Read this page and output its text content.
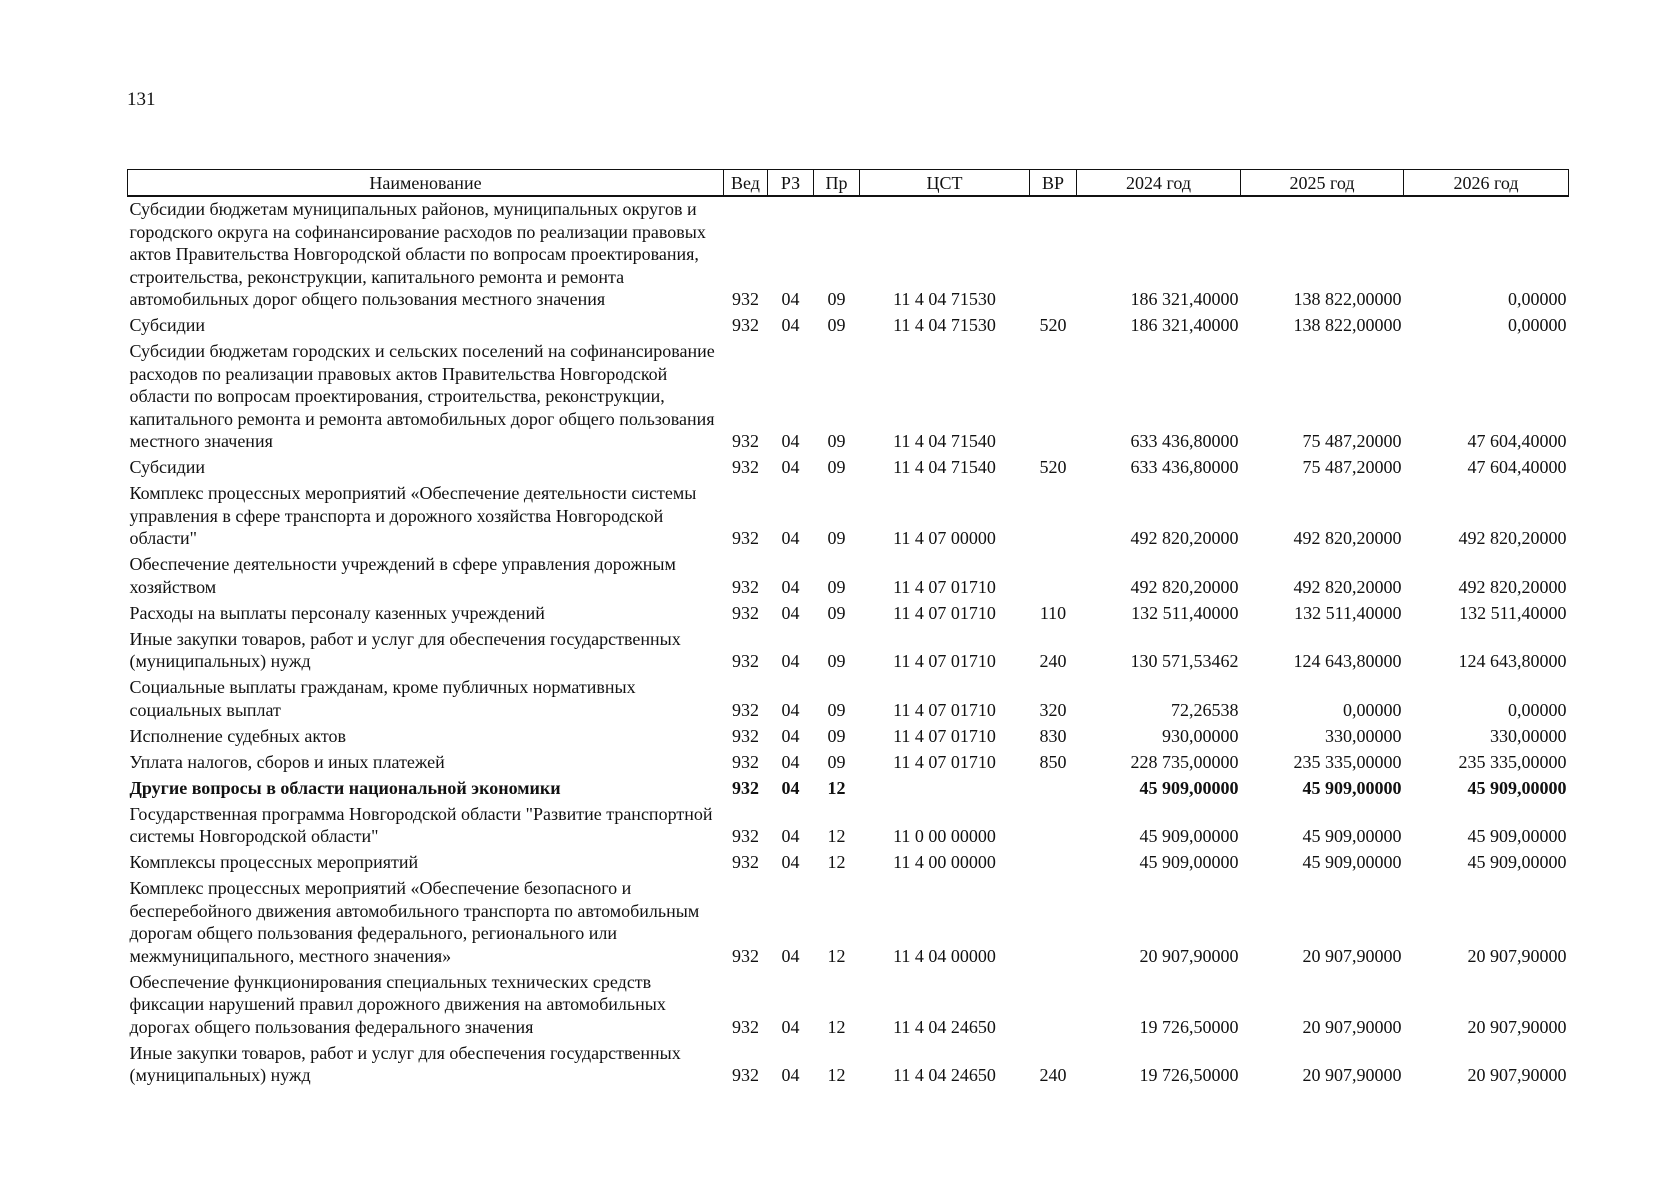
131
Наименование	Вед	РЗ	Пр	ЦСТ	ВР	2024 год	2025 год	2026 год
Субсидии бюджетам муниципальных районов, муниципальных округов и городского округа на софинансирование расходов по реализации правовых актов Правительства Новгородской области по вопросам проектирования, строительства, реконструкции, капитального ремонта и ремонта автомобильных дорог общего пользования местного значения	932	04	09	11 4 04 71530		186 321,40000	138 822,00000	0,00000
Субсидии	932	04	09	11 4 04 71530	520	186 321,40000	138 822,00000	0,00000
Субсидии бюджетам городских и сельских поселений на софинансирование расходов по реализации правовых актов Правительства Новгородской области по вопросам проектирования, строительства, реконструкции, капитального ремонта и ремонта автомобильных дорог общего пользования местного значения	932	04	09	11 4 04 71540		633 436,80000	75 487,20000	47 604,40000
Субсидии	932	04	09	11 4 04 71540	520	633 436,80000	75 487,20000	47 604,40000
Комплекс процессных мероприятий «Обеспечение деятельности системы управления в сфере транспорта и дорожного хозяйства Новгородской области"	932	04	09	11 4 07 00000		492 820,20000	492 820,20000	492 820,20000
Обеспечение деятельности учреждений в сфере управления дорожным хозяйством	932	04	09	11 4 07 01710		492 820,20000	492 820,20000	492 820,20000
Расходы на выплаты персоналу казенных учреждений	932	04	09	11 4 07 01710	110	132 511,40000	132 511,40000	132 511,40000
Иные закупки товаров, работ и услуг для обеспечения государственных (муниципальных) нужд	932	04	09	11 4 07 01710	240	130 571,53462	124 643,80000	124 643,80000
Социальные выплаты гражданам, кроме публичных нормативных социальных выплат	932	04	09	11 4 07 01710	320	72,26538	0,00000	0,00000
Исполнение судебных актов	932	04	09	11 4 07 01710	830	930,00000	330,00000	330,00000
Уплата налогов, сборов и иных платежей	932	04	09	11 4 07 01710	850	228 735,00000	235 335,00000	235 335,00000
Другие вопросы в области национальной экономики	932	04	12			45 909,00000	45 909,00000	45 909,00000
Государственная программа Новгородской области "Развитие транспортной системы Новгородской области"	932	04	12	11 0 00 00000		45 909,00000	45 909,00000	45 909,00000
Комплексы процессных мероприятий	932	04	12	11 4 00 00000		45 909,00000	45 909,00000	45 909,00000
Комплекс процессных мероприятий «Обеспечение безопасного и бесперебойного движения автомобильного транспорта по автомобильным дорогам общего пользования федерального, регионального или межмуниципального, местного значения»	932	04	12	11 4 04 00000		20 907,90000	20 907,90000	20 907,90000
Обеспечение функционирования специальных технических средств фиксации нарушений правил дорожного движения на автомобильных дорогах общего пользования федерального значения	932	04	12	11 4 04 24650		19 726,50000	20 907,90000	20 907,90000
Иные закупки товаров, работ и услуг для обеспечения государственных (муниципальных) нужд	932	04	12	11 4 04 24650	240	19 726,50000	20 907,90000	20 907,90000
